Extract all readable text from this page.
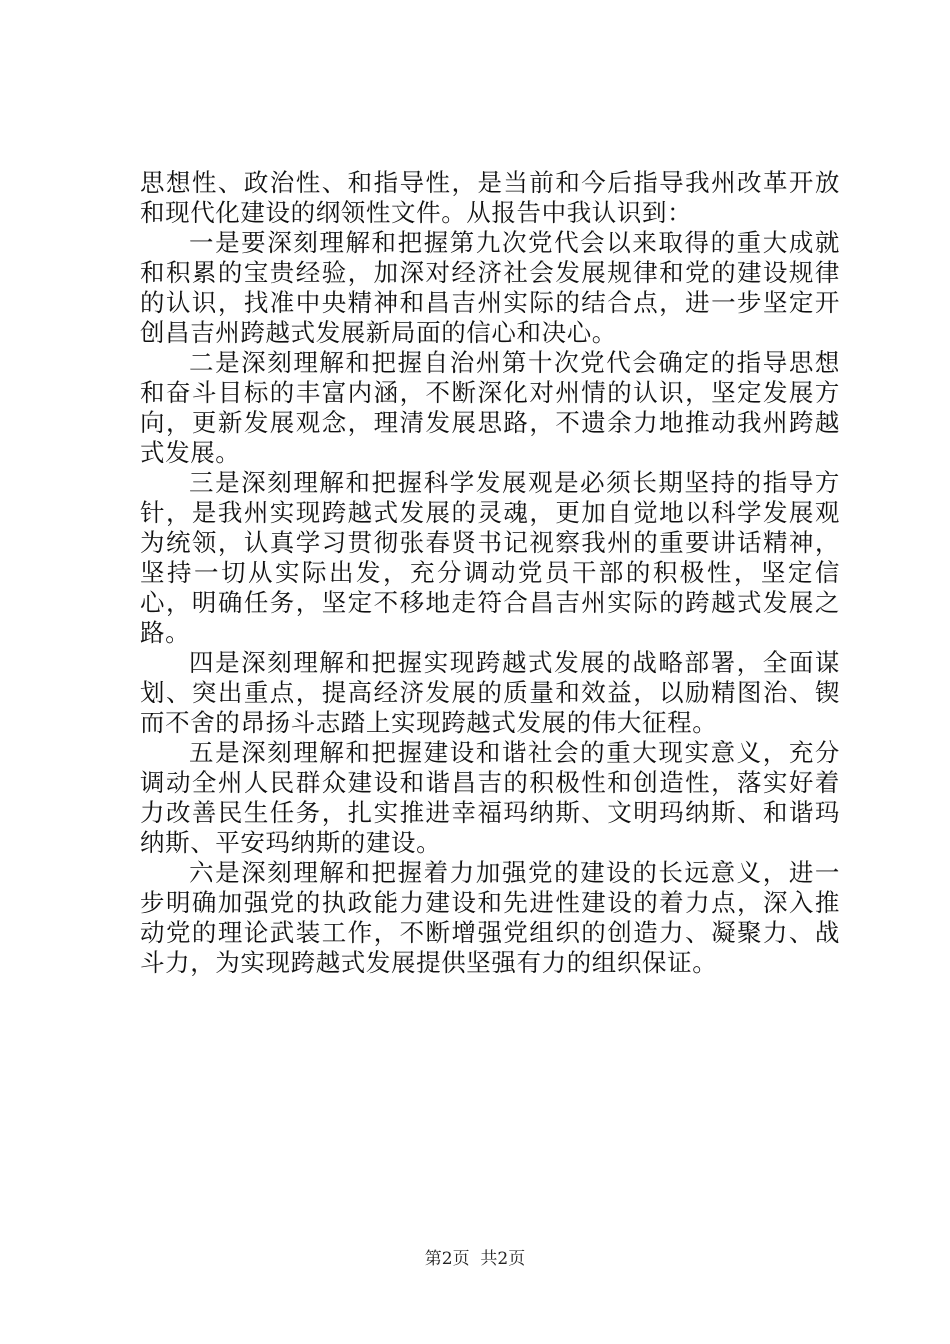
思想性、政治性、和指导性，是当前和今后指导我州改革开放和现代化建设的纲领性文件。从报告中我认识到：

一是要深刻理解和把握第九次党代会以来取得的重大成就和积累的宝贵经验，加深对经济社会发展规律和党的建设规律的认识，找准中央精神和昌吉州实际的结合点，进一步坚定开创昌吉州跨越式发展新局面的信心和决心。

二是深刻理解和把握自治州第十次党代会确定的指导思想和奋斗目标的丰富内涵，不断深化对州情的认识，坚定发展方向，更新发展观念，理清发展思路，不遗余力地推动我州跨越式发展。

三是深刻理解和把握科学发展观是必须长期坚持的指导方针，是我州实现跨越式发展的灵魂，更加自觉地以科学发展观为统领，认真学习贯彻张春贤书记视察我州的重要讲话精神，坚持一切从实际出发，充分调动党员干部的积极性，坚定信心，明确任务，坚定不移地走符合昌吉州实际的跨越式发展之路。

四是深刻理解和把握实现跨越式发展的战略部署，全面谋划、突出重点，提高经济发展的质量和效益，以励精图治、锲而不舍的昂扬斗志踏上实现跨越式发展的伟大征程。

五是深刻理解和把握建设和谐社会的重大现实意义，充分调动全州人民群众建设和谐昌吉的积极性和创造性，落实好着力改善民生任务，扎实推进幸福玛纳斯、文明玛纳斯、和谐玛纳斯、平安玛纳斯的建设。

六是深刻理解和把握着力加强党的建设的长远意义，进一步明确加强党的执政能力建设和先进性建设的着力点，深入推动党的理论武装工作，不断增强党组织的创造力、凝聚力、战斗力，为实现跨越式发展提供坚强有力的组织保证。

第2页 共2页
